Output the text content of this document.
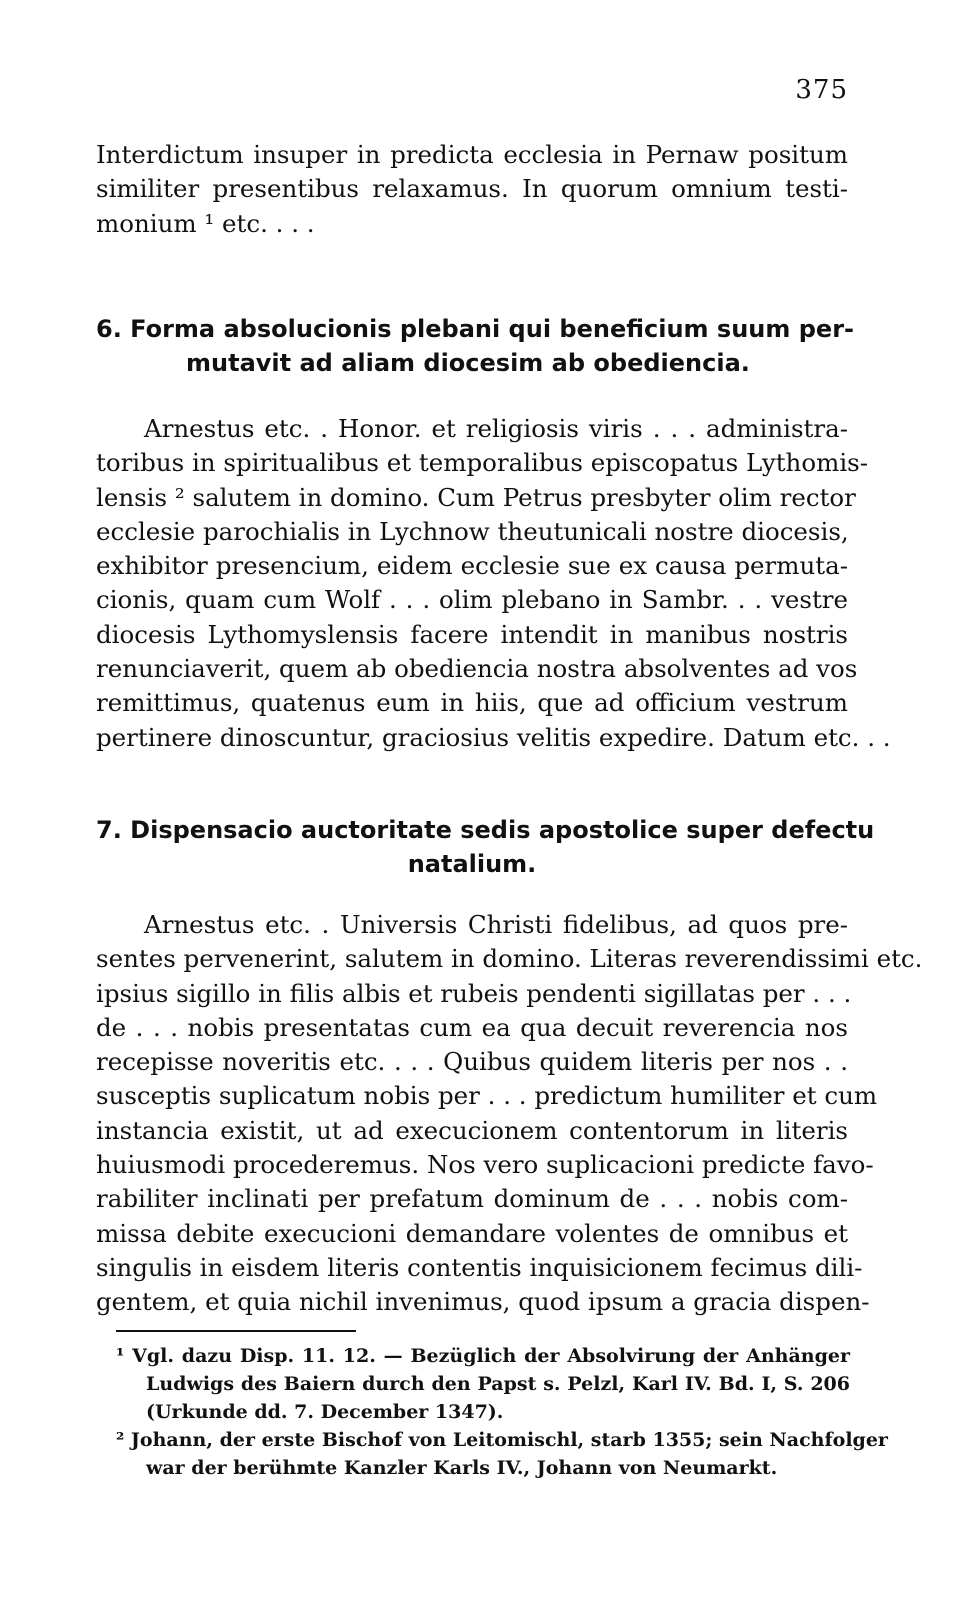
375
Interdictum insuper in predicta ecclesia in Pernaw positum
similiter presentibus relaxamus. In quorum omnium testi-
monium ¹ etc. . . .
6. Forma absolucionis plebani qui beneficium suum per-
mutavit ad aliam diocesim ab obediencia.
Arnestus etc. . Honor. et religiosis viris . . . administra-
toribus in spiritualibus et temporalibus episcopatus Lythomis-
lensis ² salutem in domino. Cum Petrus presbyter olim rector
ecclesie parochialis in Lychnow theutunicali nostre diocesis,
exhibitor presencium, eidem ecclesie sue ex causa permuta-
cionis, quam cum Wolf . . . olim plebano in Sambr. . . vestre
diocesis Lythomyslensis facere intendit in manibus nostris
renunciaverit, quem ab obediencia nostra absolventes ad vos
remittimus, quatenus eum in hiis, que ad officium vestrum
pertinere dinoscuntur, graciosius velitis expedire. Datum etc. . .
7. Dispensacio auctoritate sedis apostolice super defectu
natalium.
Arnestus etc. . Universis Christi fidelibus, ad quos pre-
sentes pervenerint, salutem in domino. Literas reverendissimi etc.
ipsius sigillo in filis albis et rubeis pendenti sigillatas per . . .
de . . . nobis presentatas cum ea qua decuit reverencia nos
recepisse noveritis etc. . . . Quibus quidem literis per nos . .
susceptis suplicatum nobis per . . . predictum humiliter et cum
instancia existit, ut ad execucionem contentorum in literis
huiusmodi procederemus. Nos vero suplicacioni predicte favo-
rabiliter inclinati per prefatum dominum de . . . nobis com-
missa debite execucioni demandare volentes de omnibus et
singulis in eisdem literis contentis inquisicionem fecimus dili-
gentem, et quia nichil invenimus, quod ipsum a gracia dispen-
¹ Vgl. dazu Disp. 11. 12. — Bezüglich der Absolvirung der Anhänger
Ludwigs des Baiern durch den Papst s. Pelzl, Karl IV. Bd. I, S. 206
(Urkunde dd. 7. December 1347).
² Johann, der erste Bischof von Leitomischl, starb 1355; sein Nachfolger
war der berühmte Kanzler Karls IV., Johann von Neumarkt.
